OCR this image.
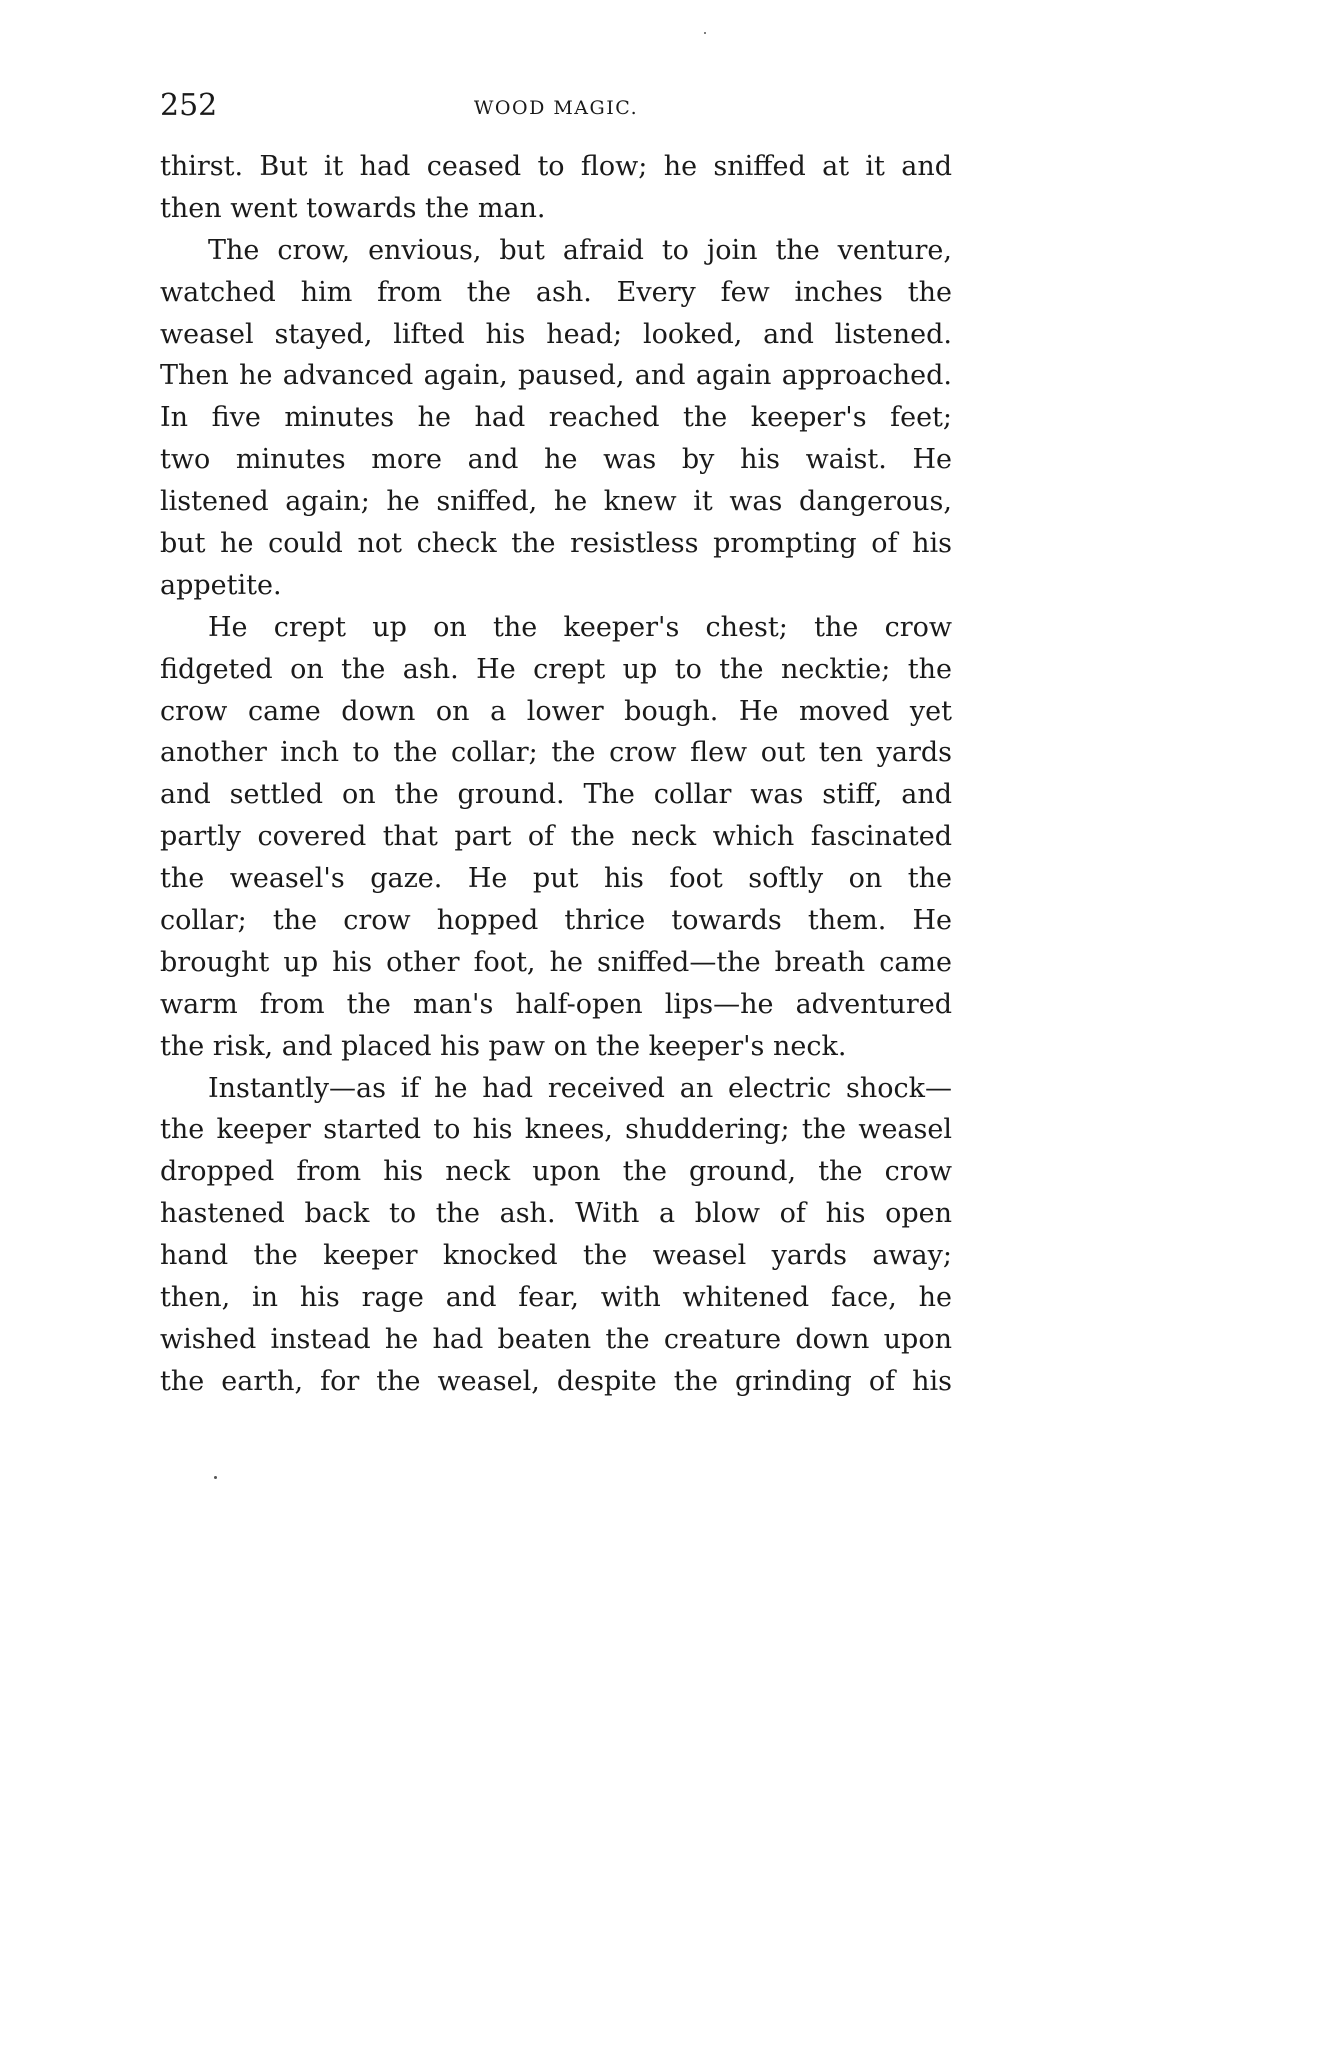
252	WOOD MAGIC.
thirst. But it had ceased to flow; he sniffed at it and
then went towards the man.
The crow, envious, but afraid to join the venture,
watched him from the ash. Every few inches the
weasel stayed, lifted his head; looked, and listened.
Then he advanced again, paused, and again approached.
In five minutes he had reached the keeper's feet;
two minutes more and he was by his waist. He
listened again; he sniffed, he knew it was dangerous,
but he could not check the resistless prompting of his
appetite.
He crept up on the keeper's chest; the crow
fidgeted on the ash. He crept up to the necktie; the
crow came down on a lower bough. He moved yet
another inch to the collar; the crow flew out ten yards
and settled on the ground. The collar was stiff, and
partly covered that part of the neck which fascinated
the weasel's gaze. He put his foot softly on the
collar; the crow hopped thrice towards them. He
brought up his other foot, he sniffed—the breath came
warm from the man's half-open lips—he adventured
the risk, and placed his paw on the keeper's neck.
Instantly—as if he had received an electric shock—
the keeper started to his knees, shuddering; the weasel
dropped from his neck upon the ground, the crow
hastened back to the ash. With a blow of his open
hand the keeper knocked the weasel yards away;
then, in his rage and fear, with whitened face, he
wished instead he had beaten the creature down upon
the earth, for the weasel, despite the grinding of his
